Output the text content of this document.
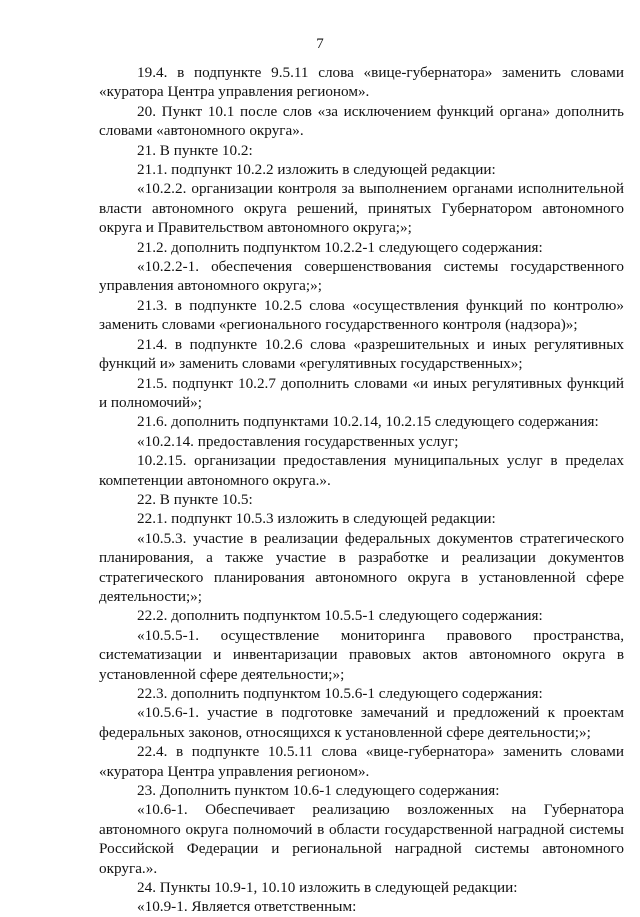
7

19.4. в подпункте 9.5.11 слова «вице-губернатора» заменить словами «куратора Центра управления регионом».

20. Пункт 10.1 после слов «за исключением функций органа» дополнить словами «автономного округа».

21. В пункте 10.2:

21.1. подпункт 10.2.2 изложить в следующей редакции:

«10.2.2. организации контроля за выполнением органами исполнительной власти автономного округа решений, принятых Губернатором автономного округа и Правительством автономного округа;»;

21.2. дополнить подпунктом 10.2.2-1 следующего содержания:

«10.2.2-1. обеспечения совершенствования системы государственного управления автономного округа;»;

21.3. в подпункте 10.2.5 слова «осуществления функций по контролю» заменить словами «регионального государственного контроля (надзора)»;

21.4. в подпункте 10.2.6 слова «разрешительных и иных регулятивных функций и» заменить словами «регулятивных государственных»;

21.5. подпункт 10.2.7 дополнить словами «и иных регулятивных функций и полномочий»;

21.6. дополнить подпунктами 10.2.14, 10.2.15 следующего содержания:

«10.2.14. предоставления государственных услуг;

10.2.15. организации предоставления муниципальных услуг в пределах компетенции автономного округа.».

22. В пункте 10.5:

22.1. подпункт 10.5.3 изложить в следующей редакции:

«10.5.3. участие в реализации федеральных документов стратегического планирования, а также участие в разработке и реализации документов стратегического планирования автономного округа в установленной сфере деятельности;»;

22.2. дополнить подпунктом 10.5.5-1 следующего содержания:

«10.5.5-1. осуществление мониторинга правового пространства, систематизации и инвентаризации правовых актов автономного округа в установленной сфере деятельности;»;

22.3. дополнить подпунктом 10.5.6-1 следующего содержания:

«10.5.6-1. участие в подготовке замечаний и предложений к проектам федеральных законов, относящихся к установленной сфере деятельности;»;

22.4. в подпункте 10.5.11 слова «вице-губернатора» заменить словами «куратора Центра управления регионом».

23. Дополнить пунктом 10.6-1 следующего содержания:

«10.6-1. Обеспечивает реализацию возложенных на Губернатора автономного округа полномочий в области государственной наградной системы Российской Федерации и региональной наградной системы автономного округа.».

24. Пункты 10.9-1, 10.10 изложить в следующей редакции:

«10.9-1. Является ответственным:
